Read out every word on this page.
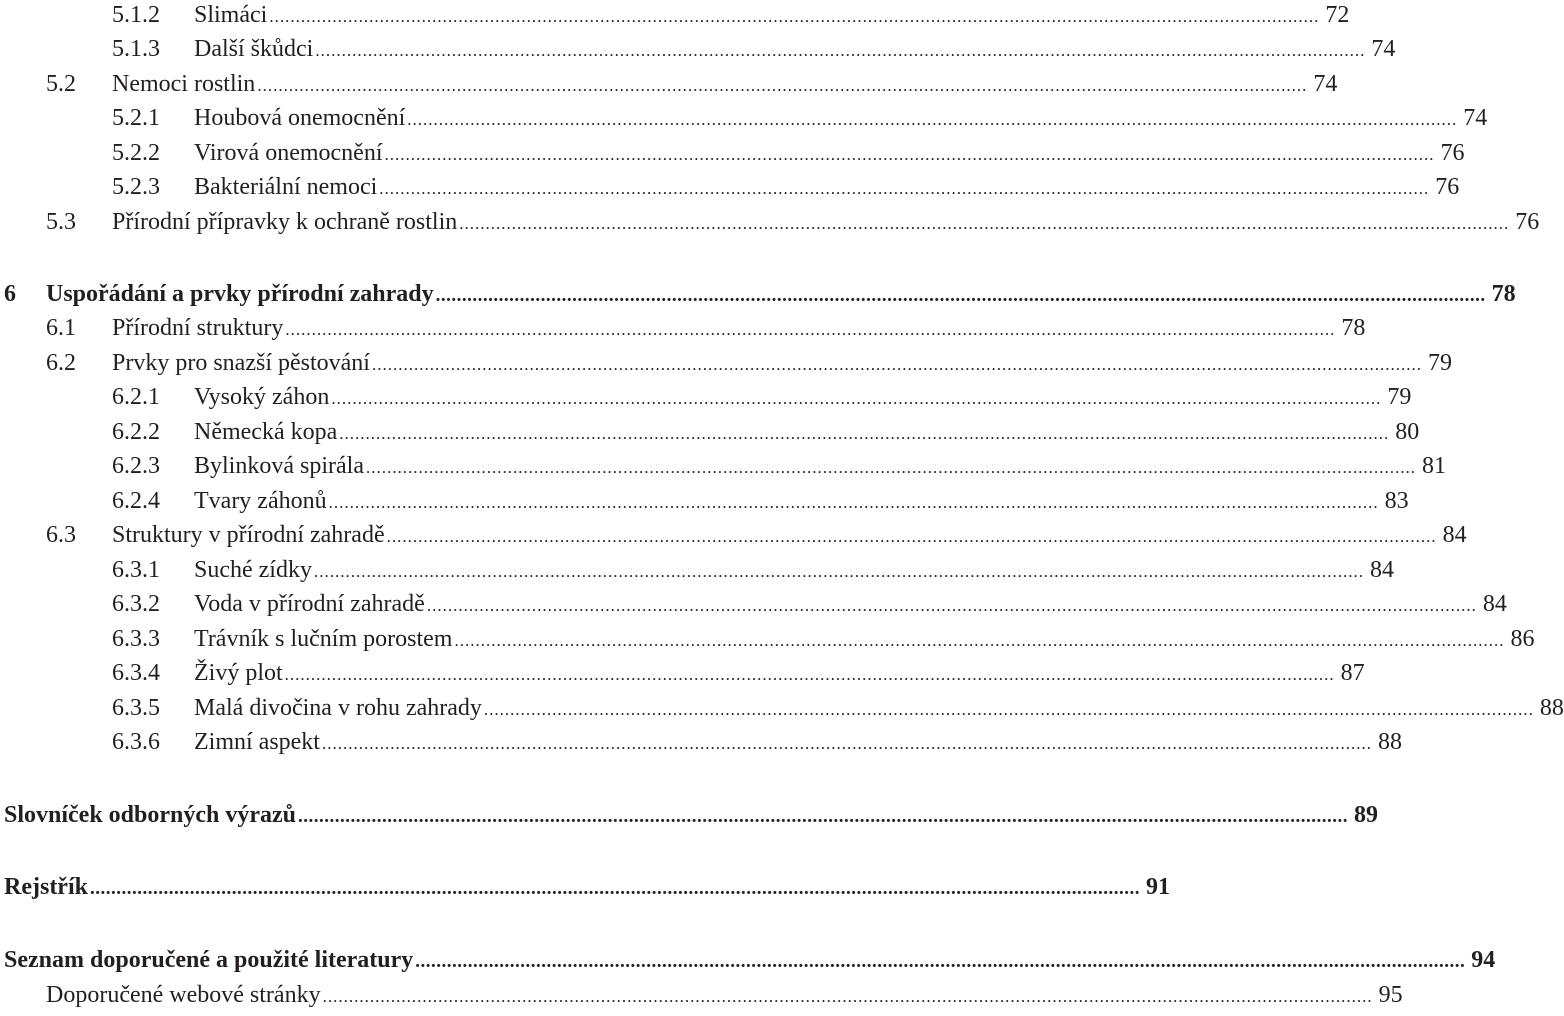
5.1.2 Slimáci ........................................................................................................................................................................................................ 72
5.1.3 Další škůdci ........................................................................................................................................................................................................ 74
5.2 Nemoci rostlin ........................................................................................................................................................................................................ 74
5.2.1 Houbová onemocnění ........................................................................................................................................................................................................ 74
5.2.2 Virová onemocnění ........................................................................................................................................................................................................ 76
5.2.3 Bakteriální nemoci ........................................................................................................................................................................................................ 76
5.3 Přírodní přípravky k ochraně rostlin ........................................................................................................................................................................................................ 76
6 Uspořádání a prvky přírodní zahrady ........................................................................................................................................................................................................ 78
6.1 Přírodní struktury ........................................................................................................................................................................................................ 78
6.2 Prvky pro snazší pěstování ........................................................................................................................................................................................................ 79
6.2.1 Vysoký záhon ........................................................................................................................................................................................................ 79
6.2.2 Německá kopa ........................................................................................................................................................................................................ 80
6.2.3 Bylinková spirála ........................................................................................................................................................................................................ 81
6.2.4 Tvary záhonů ........................................................................................................................................................................................................ 83
6.3 Struktury v přírodní zahradě ........................................................................................................................................................................................................ 84
6.3.1 Suché zídky ........................................................................................................................................................................................................ 84
6.3.2 Voda v přírodní zahradě ........................................................................................................................................................................................................ 84
6.3.3 Trávník s lučním porostem ........................................................................................................................................................................................................ 86
6.3.4 Živý plot ........................................................................................................................................................................................................ 87
6.3.5 Malá divočina v rohu zahrady ........................................................................................................................................................................................................ 88
6.3.6 Zimní aspekt ........................................................................................................................................................................................................ 88
Slovníček odborných výrazů ........................................................................................................................................................................................................ 89
Rejstřík ........................................................................................................................................................................................................ 91
Seznam doporučené a použité literatury ........................................................................................................................................................................................................ 94
Doporučené webové stránky ........................................................................................................................................................................................................ 95
